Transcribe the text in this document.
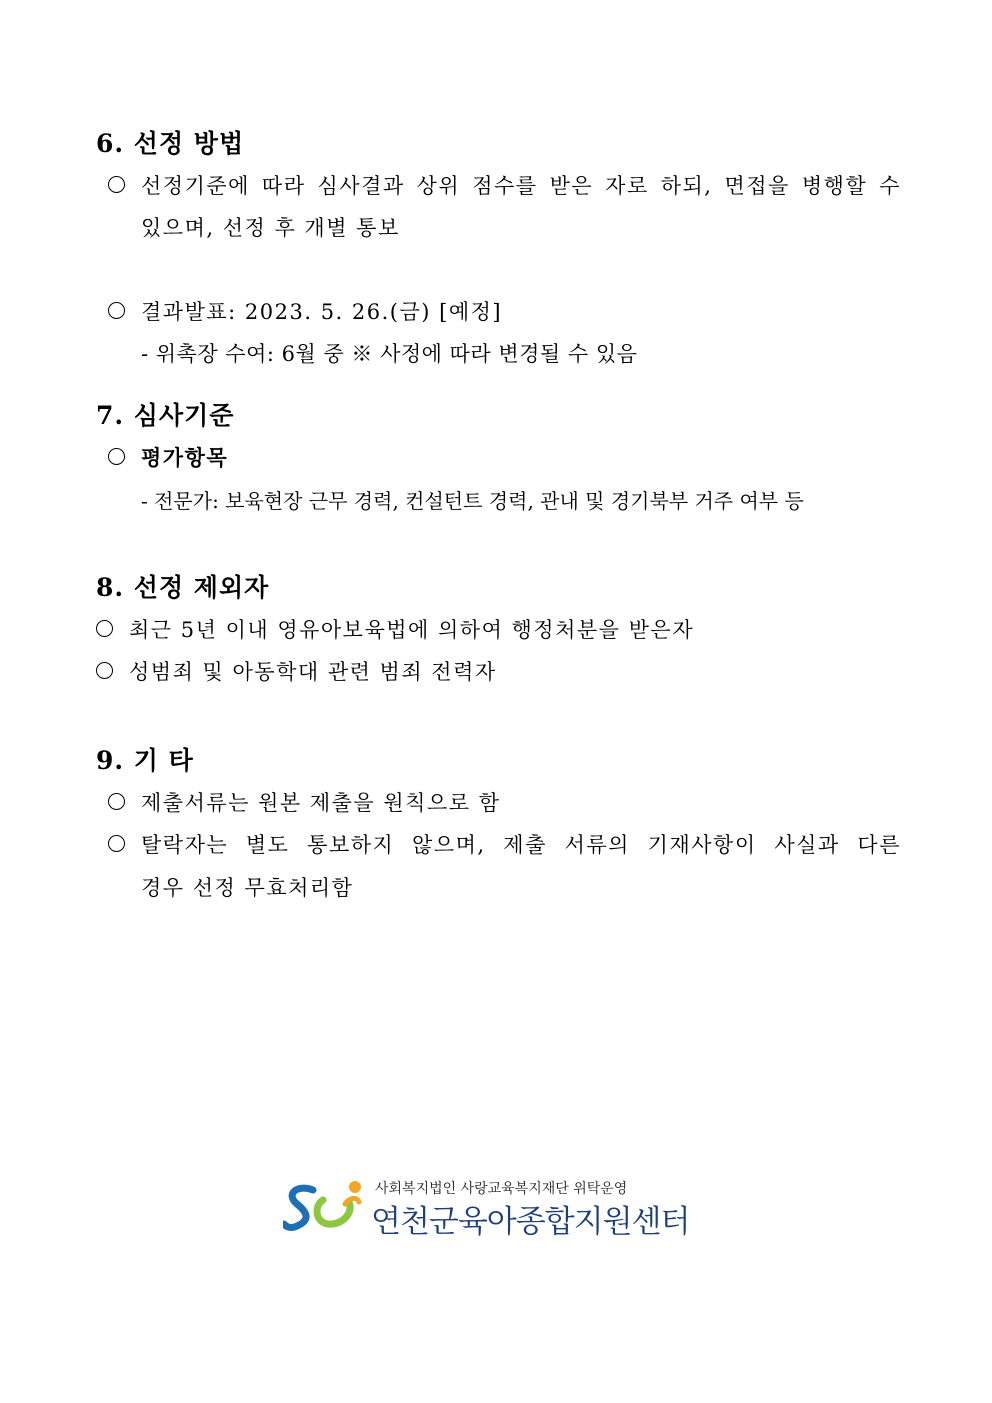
6. 선정 방법
선정기준에 따라 심사결과 상위 점수를 받은 자로 하되, 면접을 병행할 수
있으며, 선정 후 개별 통보
결과발표: 2023. 5. 26.(금) [예정]
- 위촉장 수여: 6월 중 ※ 사정에 따라 변경될 수 있음
7. 심사기준
평가항목
- 전문가: 보육현장 근무 경력, 컨설턴트 경력, 관내 및 경기북부 거주 여부 등
8. 선정 제외자
최근 5년 이내 영유아보육법에 의하여 행정처분을 받은자
성범죄 및 아동학대 관련 범죄 전력자
9. 기 타
제출서류는 원본 제출을 원칙으로 함
탈락자는 별도 통보하지 않으며, 제출 서류의 기재사항이 사실과 다른
경우 선정 무효처리함
사회복지법인 사랑교육복지재단 위탁운영
연천군육아종합지원센터
